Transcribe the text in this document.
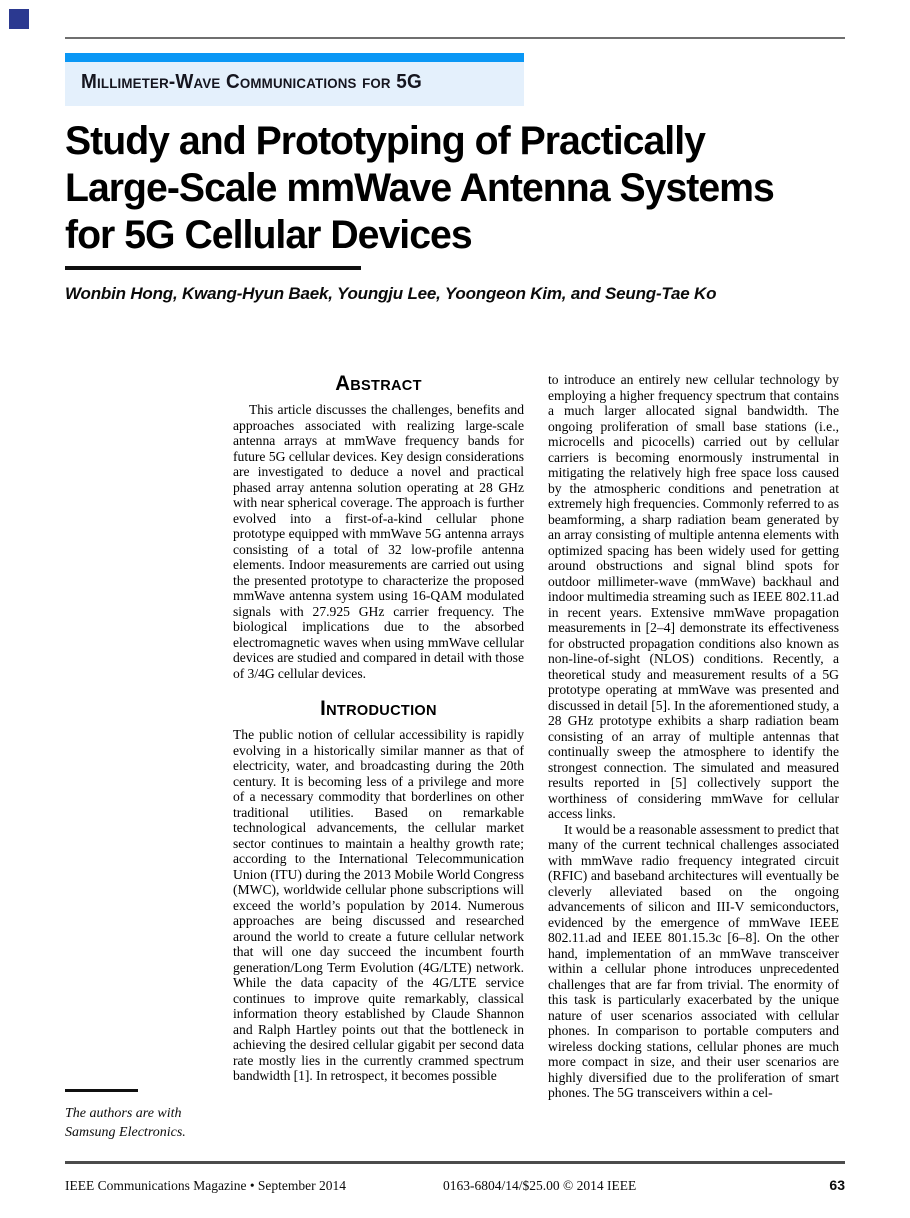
Millimeter-Wave Communications for 5G
Study and Prototyping of Practically
Large-Scale mmWave Antenna Systems
for 5G Cellular Devices
Wonbin Hong, Kwang-Hyun Baek, Youngju Lee, Yoongeon Kim, and Seung-Tae Ko
Abstract

This article discusses the challenges, benefits and approaches associated with realizing large-scale antenna arrays at mmWave frequency bands for future 5G cellular devices. Key design considerations are investigated to deduce a novel and practical phased array antenna solution operating at 28 GHz with near spherical coverage. The approach is further evolved into a first-of-a-kind cellular phone prototype equipped with mmWave 5G antenna arrays consisting of a total of 32 low-profile antenna elements. Indoor measurements are carried out using the presented prototype to characterize the proposed mmWave antenna system using 16-QAM modulated signals with 27.925 GHz carrier frequency. The biological implications due to the absorbed electromagnetic waves when using mmWave cellular devices are studied and compared in detail with those of 3/4G cellular devices.

Introduction

The public notion of cellular accessibility is rapidly evolving in a historically similar manner as that of electricity, water, and broadcasting during the 20th century. It is becoming less of a privilege and more of a necessary commodity that borderlines on other traditional utilities. Based on remarkable technological advancements, the cellular market sector continues to maintain a healthy growth rate; according to the International Telecommunication Union (ITU) during the 2013 Mobile World Congress (MWC), worldwide cellular phone subscriptions will exceed the world’s population by 2014. Numerous approaches are being discussed and researched around the world to create a future cellular network that will one day succeed the incumbent fourth generation/Long Term Evolution (4G/LTE) network. While the data capacity of the 4G/LTE service continues to improve quite remarkably, classical information theory established by Claude Shannon and Ralph Hartley points out that the bottleneck in achieving the desired cellular gigabit per second data rate mostly lies in the currently crammed spectrum bandwidth [1]. In retrospect, it becomes possible

to introduce an entirely new cellular technology by employing a higher frequency spectrum that contains a much larger allocated signal bandwidth. The ongoing proliferation of small base stations (i.e., microcells and picocells) carried out by cellular carriers is becoming enormously instrumental in mitigating the relatively high free space loss caused by the atmospheric conditions and penetration at extremely high frequencies. Commonly referred to as beamforming, a sharp radiation beam generated by an array consisting of multiple antenna elements with optimized spacing has been widely used for getting around obstructions and signal blind spots for outdoor millimeter-wave (mmWave) backhaul and indoor multimedia streaming such as IEEE 802.11.ad in recent years. Extensive mmWave propagation measurements in [2–4] demonstrate its effectiveness for obstructed propagation conditions also known as non-line-of-sight (NLOS) conditions. Recently, a theoretical study and measurement results of a 5G prototype operating at mmWave was presented and discussed in detail [5]. In the aforementioned study, a 28 GHz prototype exhibits a sharp radiation beam consisting of an array of multiple antennas that continually sweep the atmosphere to identify the strongest connection. The simulated and measured results reported in [5] collectively support the worthiness of considering mmWave for cellular access links.

It would be a reasonable assessment to predict that many of the current technical challenges associated with mmWave radio frequency integrated circuit (RFIC) and baseband architectures will eventually be cleverly alleviated based on the ongoing advancements of silicon and III-V semiconductors, evidenced by the emergence of mmWave IEEE 802.11.ad and IEEE 801.15.3c [6–8]. On the other hand, implementation of an mmWave transceiver within a cellular phone introduces unprecedented challenges that are far from trivial. The enormity of this task is particularly exacerbated by the unique nature of user scenarios associated with cellular phones. In comparison to portable computers and wireless docking stations, cellular phones are much more compact in size, and their user scenarios are highly diversified due to the proliferation of smart phones. The 5G transceivers within a cel-

The authors are with Samsung Electronics.

IEEE Communications Magazine • September 2014	0163-6804/14/$25.00 © 2014 IEEE	63
